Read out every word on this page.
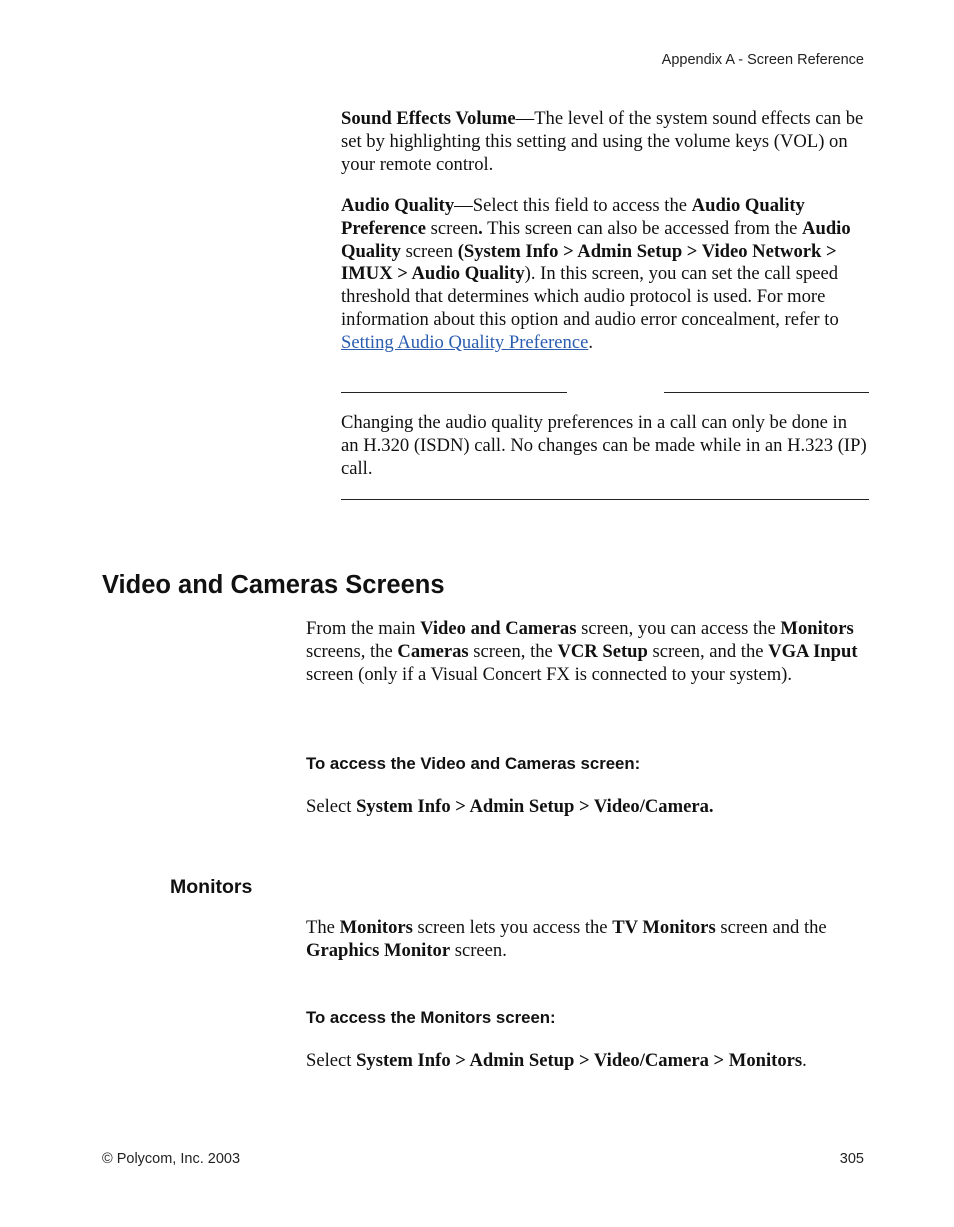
Appendix A - Screen Reference

Sound Effects Volume—The level of the system sound effects can be set by highlighting this setting and using the volume keys (VOL) on your remote control.

Audio Quality—Select this field to access the Audio Quality Preference screen. This screen can also be accessed from the Audio Quality screen (System Info > Admin Setup > Video Network > IMUX > Audio Quality). In this screen, you can set the call speed threshold that determines which audio protocol is used. For more information about this option and audio error concealment, refer to Setting Audio Quality Preference.

Changing the audio quality preferences in a call can only be done in an H.320 (ISDN) call. No changes can be made while in an H.323 (IP) call.

Video and Cameras Screens

From the main Video and Cameras screen, you can access the Monitors screens, the Cameras screen, the VCR Setup screen, and the VGA Input screen (only if a Visual Concert FX is connected to your system).

To access the Video and Cameras screen:

Select System Info > Admin Setup > Video/Camera.

Monitors

The Monitors screen lets you access the TV Monitors screen and the Graphics Monitor screen.

To access the Monitors screen:

Select System Info > Admin Setup > Video/Camera > Monitors.

© Polycom, Inc. 2003	305
